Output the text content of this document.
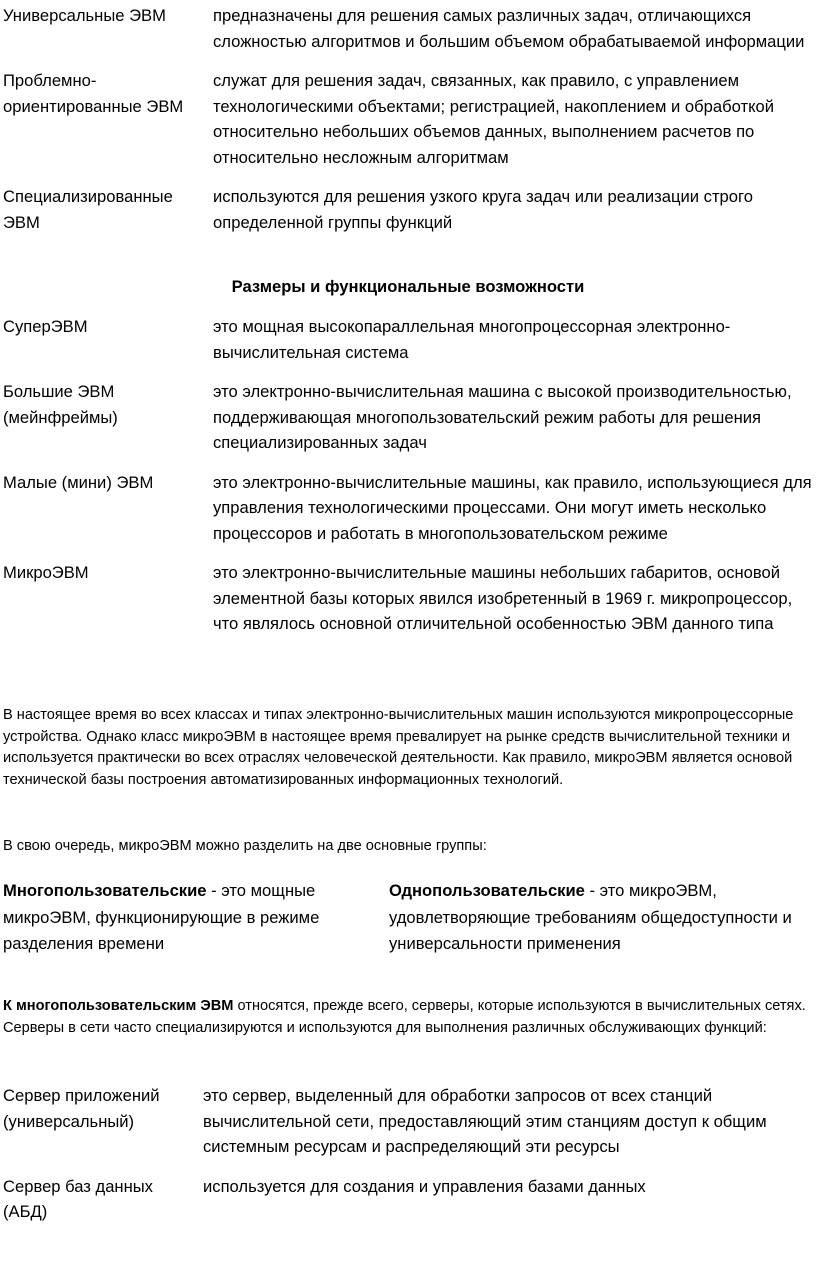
Универсальные ЭВМ	предназначены для решения самых различных задач, отличающихся сложностью алгоритмов и большим объемом обрабатываемой информации
Проблемно-ориентированные ЭВМ	служат для решения задач, связанных, как правило, с управлением технологическими объектами; регистрацией, накоплением и обработкой относительно небольших объемов данных, выполнением расчетов по относительно несложным алгоритмам
Специализированные ЭВМ	используются для решения узкого круга задач или реализации строго определенной группы функций
Размеры и функциональные возможности
СуперЭВМ	это мощная высокопараллельная многопроцессорная электронно-вычислительная система
Большие ЭВМ (мейнфреймы)	это электронно-вычислительная машина с высокой производительностью, поддерживающая многопользовательский режим работы для решения специализированных задач
Малые (мини) ЭВМ	это электронно-вычислительные машины, как правило, использующиеся для управления технологическими процессами. Они могут иметь несколько процессоров и работать в многопользовательском режиме
МикроЭВМ	это электронно-вычислительные машины небольших габаритов, основой элементной базы которых явился изобретенный в 1969 г. микропроцессор, что являлось основной отличительной особенностью ЭВМ данного типа

В настоящее время во всех классах и типах электронно-вычислительных машин используются микропроцессорные устройства. Однако класс микроЭВМ в настоящее время превалирует на рынке средств вычислительной техники и используется практически во всех отраслях человеческой деятельности. Как правило, микроЭВМ является основой технической базы построения автоматизированных информационных технологий.

В свою очередь, микроЭВМ можно разделить на две основные группы:

Многопользовательские - это мощные микроЭВМ, функционирующие в режиме разделения времени
Однопользовательские - это микроЭВМ, удовлетворяющие требованиям общедоступности и универсальности применения

К многопользовательским ЭВМ относятся, прежде всего, серверы, которые используются в вычислительных сетях. Серверы в сети часто специализируются и используются для выполнения различных обслуживающих функций:

Сервер приложений (универсальный)	это сервер, выделенный для обработки запросов от всех станций вычислительной сети, предоставляющий этим станциям доступ к общим системным ресурсам и распределяющий эти ресурсы
Сервер баз данных (АБД)	используется для создания и управления базами данных
